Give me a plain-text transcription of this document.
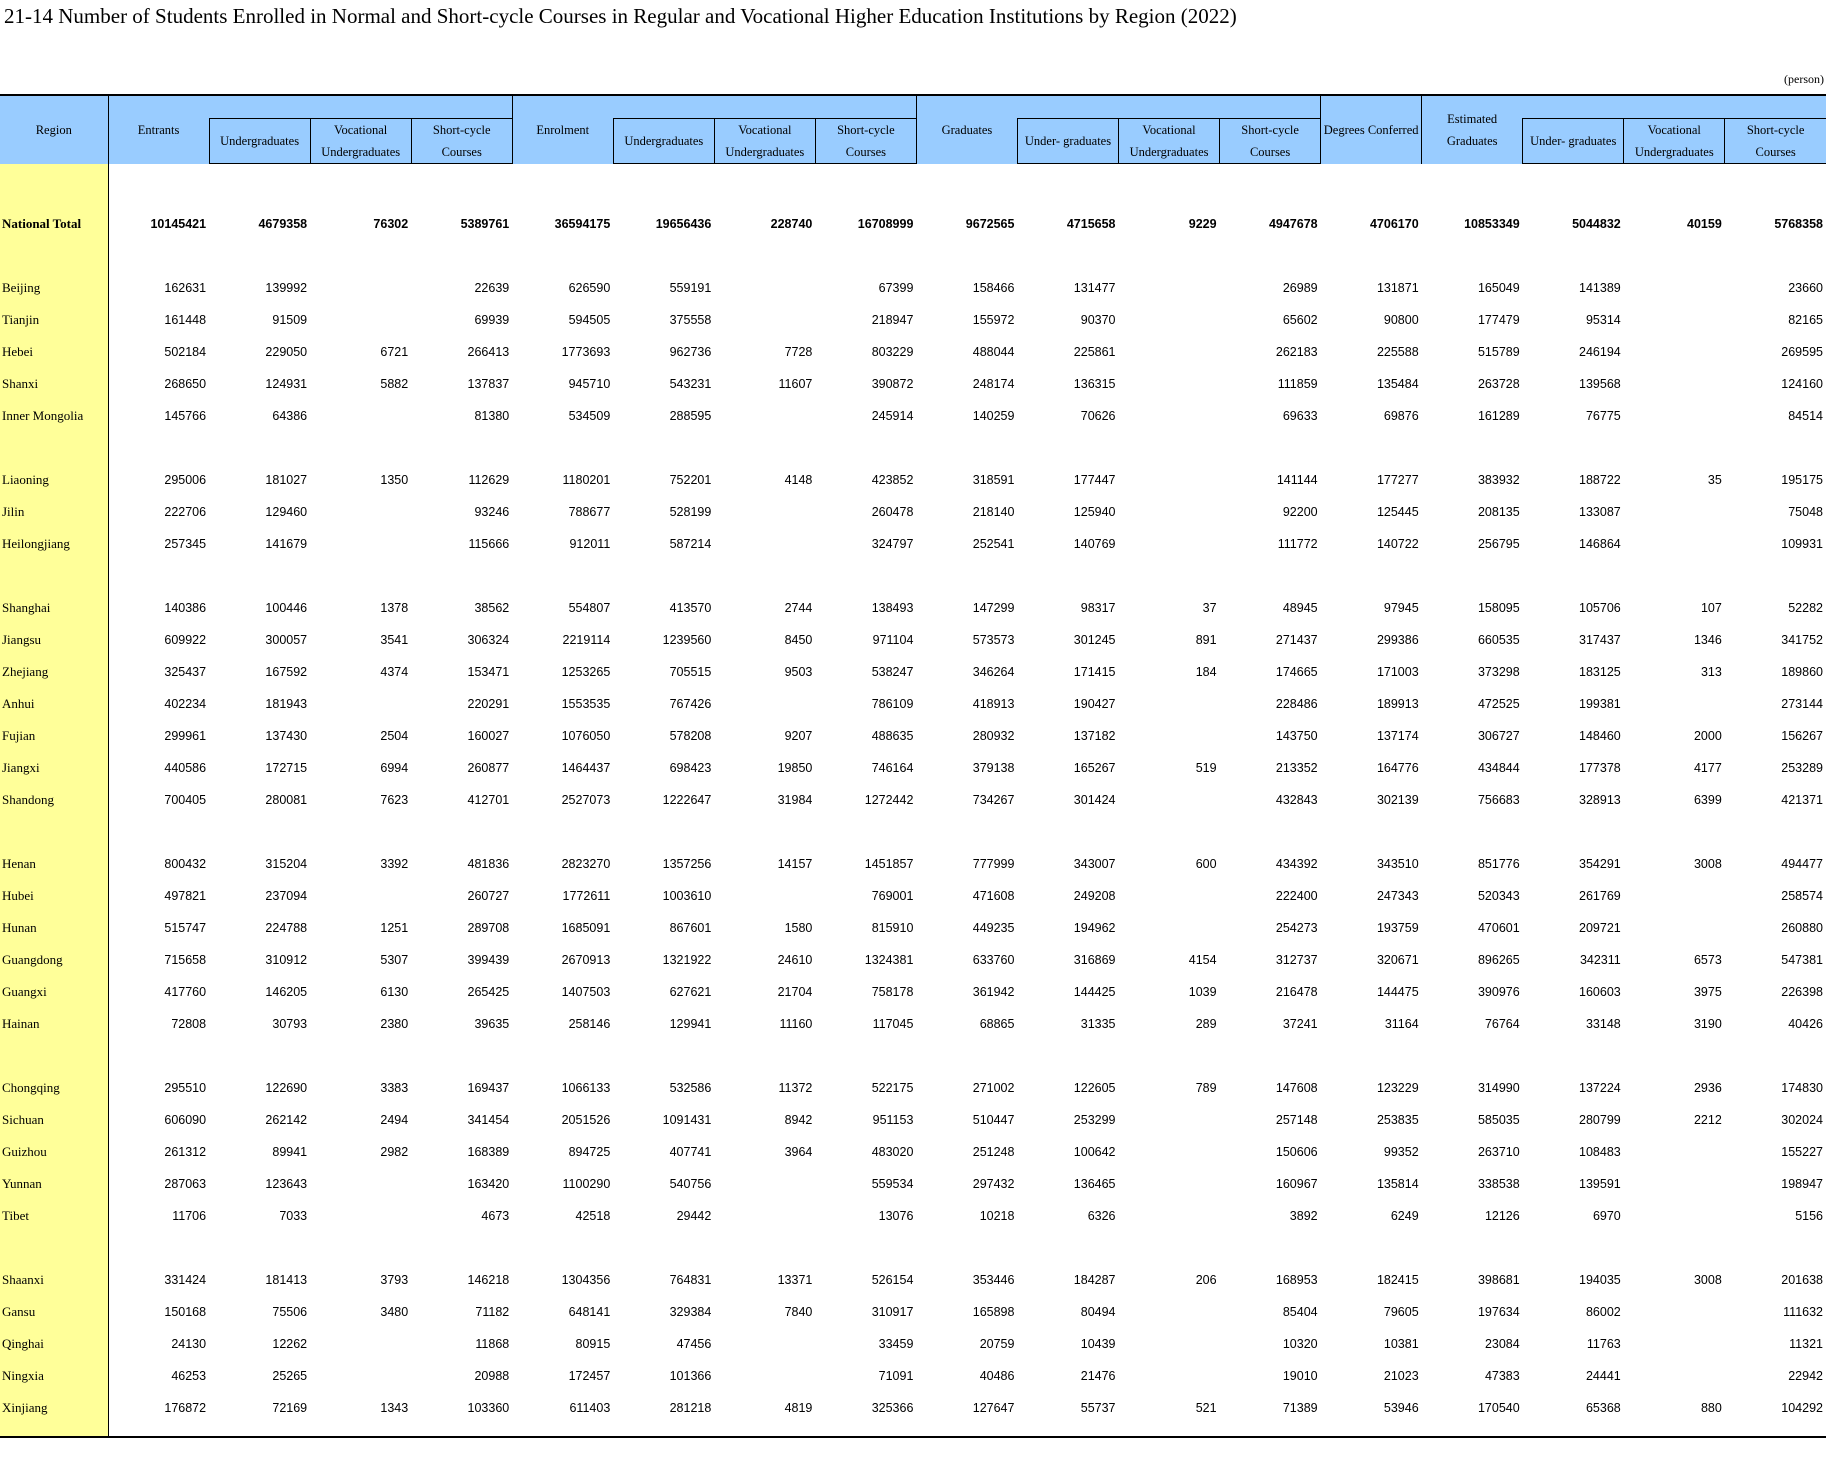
21-14 Number of Students Enrolled in Normal and Short-cycle Courses in Regular and Vocational Higher Education Institutions by Region (2022)
(person)
Region	Entrants				Enrolment				Graduates				Degrees Conferred	Estimated Graduates			
		Undergraduates	Vocational Undergraduates	Short-cycle Courses		Undergraduates	Vocational Undergraduates	Short-cycle Courses		Under- graduates	Vocational Undergraduates	Short-cycle Courses			Under- graduates	Vocational Undergraduates	Short-cycle Courses

National Total	10145421	4679358	76302	5389761	36594175	19656436	228740	16708999	9672565	4715658	9229	4947678	4706170	10853349	5044832	40159	5768358

Beijing	162631	139992		22639	626590	559191		67399	158466	131477		26989	131871	165049	141389		23660
Tianjin	161448	91509		69939	594505	375558		218947	155972	90370		65602	90800	177479	95314		82165
Hebei	502184	229050	6721	266413	1773693	962736	7728	803229	488044	225861		262183	225588	515789	246194		269595
Shanxi	268650	124931	5882	137837	945710	543231	11607	390872	248174	136315		111859	135484	263728	139568		124160
Inner Mongolia	145766	64386		81380	534509	288595		245914	140259	70626		69633	69876	161289	76775		84514

Liaoning	295006	181027	1350	112629	1180201	752201	4148	423852	318591	177447		141144	177277	383932	188722	35	195175
Jilin	222706	129460		93246	788677	528199		260478	218140	125940		92200	125445	208135	133087		75048
Heilongjiang	257345	141679		115666	912011	587214		324797	252541	140769		111772	140722	256795	146864		109931

Shanghai	140386	100446	1378	38562	554807	413570	2744	138493	147299	98317	37	48945	97945	158095	105706	107	52282
Jiangsu	609922	300057	3541	306324	2219114	1239560	8450	971104	573573	301245	891	271437	299386	660535	317437	1346	341752
Zhejiang	325437	167592	4374	153471	1253265	705515	9503	538247	346264	171415	184	174665	171003	373298	183125	313	189860
Anhui	402234	181943		220291	1553535	767426		786109	418913	190427		228486	189913	472525	199381		273144
Fujian	299961	137430	2504	160027	1076050	578208	9207	488635	280932	137182		143750	137174	306727	148460	2000	156267
Jiangxi	440586	172715	6994	260877	1464437	698423	19850	746164	379138	165267	519	213352	164776	434844	177378	4177	253289
Shandong	700405	280081	7623	412701	2527073	1222647	31984	1272442	734267	301424		432843	302139	756683	328913	6399	421371

Henan	800432	315204	3392	481836	2823270	1357256	14157	1451857	777999	343007	600	434392	343510	851776	354291	3008	494477
Hubei	497821	237094		260727	1772611	1003610		769001	471608	249208		222400	247343	520343	261769		258574
Hunan	515747	224788	1251	289708	1685091	867601	1580	815910	449235	194962		254273	193759	470601	209721		260880
Guangdong	715658	310912	5307	399439	2670913	1321922	24610	1324381	633760	316869	4154	312737	320671	896265	342311	6573	547381
Guangxi	417760	146205	6130	265425	1407503	627621	21704	758178	361942	144425	1039	216478	144475	390976	160603	3975	226398
Hainan	72808	30793	2380	39635	258146	129941	11160	117045	68865	31335	289	37241	31164	76764	33148	3190	40426

Chongqing	295510	122690	3383	169437	1066133	532586	11372	522175	271002	122605	789	147608	123229	314990	137224	2936	174830
Sichuan	606090	262142	2494	341454	2051526	1091431	8942	951153	510447	253299		257148	253835	585035	280799	2212	302024
Guizhou	261312	89941	2982	168389	894725	407741	3964	483020	251248	100642		150606	99352	263710	108483		155227
Yunnan	287063	123643		163420	1100290	540756		559534	297432	136465		160967	135814	338538	139591		198947
Tibet	11706	7033		4673	42518	29442		13076	10218	6326		3892	6249	12126	6970		5156

Shaanxi	331424	181413	3793	146218	1304356	764831	13371	526154	353446	184287	206	168953	182415	398681	194035	3008	201638
Gansu	150168	75506	3480	71182	648141	329384	7840	310917	165898	80494		85404	79605	197634	86002		111632
Qinghai	24130	12262		11868	80915	47456		33459	20759	10439		10320	10381	23084	11763		11321
Ningxia	46253	25265		20988	172457	101366		71091	40486	21476		19010	21023	47383	24441		22942
Xinjiang	176872	72169	1343	103360	611403	281218	4819	325366	127647	55737	521	71389	53946	170540	65368	880	104292
